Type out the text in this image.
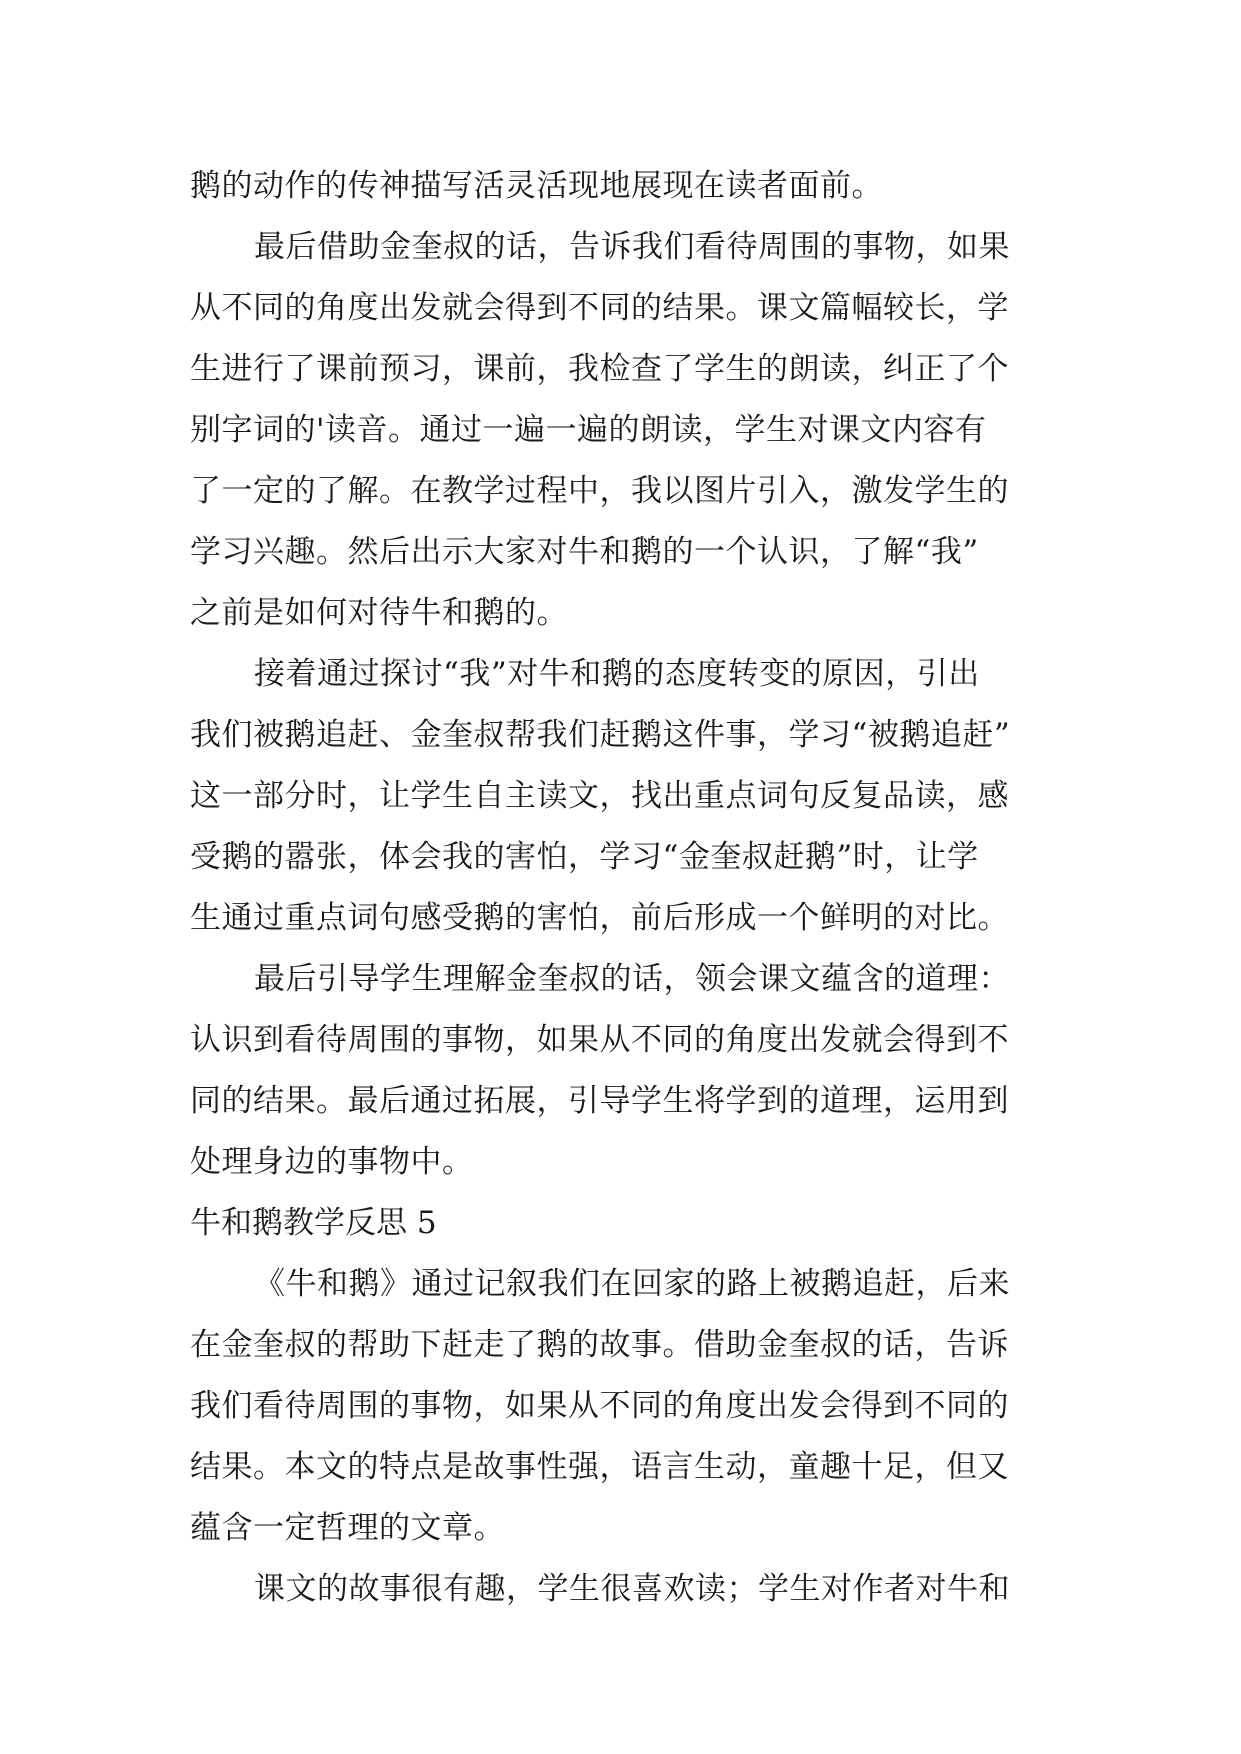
鹅的动作的传神描写活灵活现地展现在读者面前。
最后借助金奎叔的话，告诉我们看待周围的事物，如果
从不同的角度出发就会得到不同的结果。课文篇幅较长，学
生进行了课前预习，课前，我检查了学生的朗读，纠正了个
别字词的'读音。通过一遍一遍的朗读，学生对课文内容有
了一定的了解。在教学过程中，我以图片引入，激发学生的
学习兴趣。然后出示大家对牛和鹅的一个认识，了解“我”
之前是如何对待牛和鹅的。
接着通过探讨“我”对牛和鹅的态度转变的原因，引出
我们被鹅追赶、金奎叔帮我们赶鹅这件事，学习“被鹅追赶”
这一部分时，让学生自主读文，找出重点词句反复品读，感
受鹅的嚣张，体会我的害怕，学习“金奎叔赶鹅”时，让学
生通过重点词句感受鹅的害怕，前后形成一个鲜明的对比。
最后引导学生理解金奎叔的话，领会课文蕴含的道理：
认识到看待周围的事物，如果从不同的角度出发就会得到不
同的结果。最后通过拓展，引导学生将学到的道理，运用到
处理身边的事物中。
牛和鹅教学反思 5
《牛和鹅》通过记叙我们在回家的路上被鹅追赶，后来
在金奎叔的帮助下赶走了鹅的故事。借助金奎叔的话，告诉
我们看待周围的事物，如果从不同的角度出发会得到不同的
结果。本文的特点是故事性强，语言生动，童趣十足，但又
蕴含一定哲理的文章。
课文的故事很有趣，学生很喜欢读；学生对作者对牛和
